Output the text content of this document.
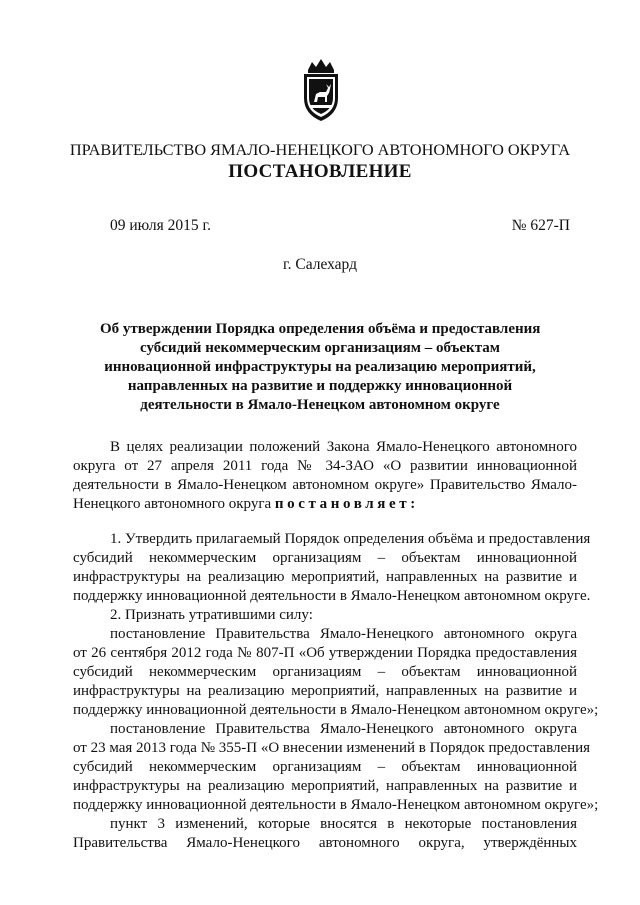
ПРАВИТЕЛЬСТВО ЯМАЛО-НЕНЕЦКОГО АВТОНОМНОГО ОКРУГА
ПОСТАНОВЛЕНИЕ
09 июля 2015 г.	№ 627-П
г. Салехард
Об утверждении Порядка определения объёма и предоставления
субсидий некоммерческим организациям – объектам
инновационной инфраструктуры на реализацию мероприятий,
направленных на развитие и поддержку инновационной
деятельности в Ямало-Ненецком автономном округе
В целях реализации положений Закона Ямало-Ненецкого автономного
округа от 27 апреля 2011 года № 34-ЗАО «О развитии инновационной
деятельности в Ямало-Ненецком автономном округе» Правительство Ямало-
Ненецкого автономного округа постановляет:
1. Утвердить прилагаемый Порядок определения объёма и предоставления
субсидий некоммерческим организациям – объектам инновационной
инфраструктуры на реализацию мероприятий, направленных на развитие и
поддержку инновационной деятельности в Ямало-Ненецком автономном округе.
2. Признать утратившими силу:
постановление Правительства Ямало-Ненецкого автономного округа
от 26 сентября 2012 года № 807-П «Об утверждении Порядка предоставления
субсидий некоммерческим организациям – объектам инновационной
инфраструктуры на реализацию мероприятий, направленных на развитие и
поддержку инновационной деятельности в Ямало-Ненецком автономном округе»;
постановление Правительства Ямало-Ненецкого автономного округа
от 23 мая 2013 года № 355-П «О внесении изменений в Порядок предоставления
субсидий некоммерческим организациям – объектам инновационной
инфраструктуры на реализацию мероприятий, направленных на развитие и
поддержку инновационной деятельности в Ямало-Ненецком автономном округе»;
пункт 3 изменений, которые вносятся в некоторые постановления
Правительства Ямало-Ненецкого автономного округа, утверждённых
